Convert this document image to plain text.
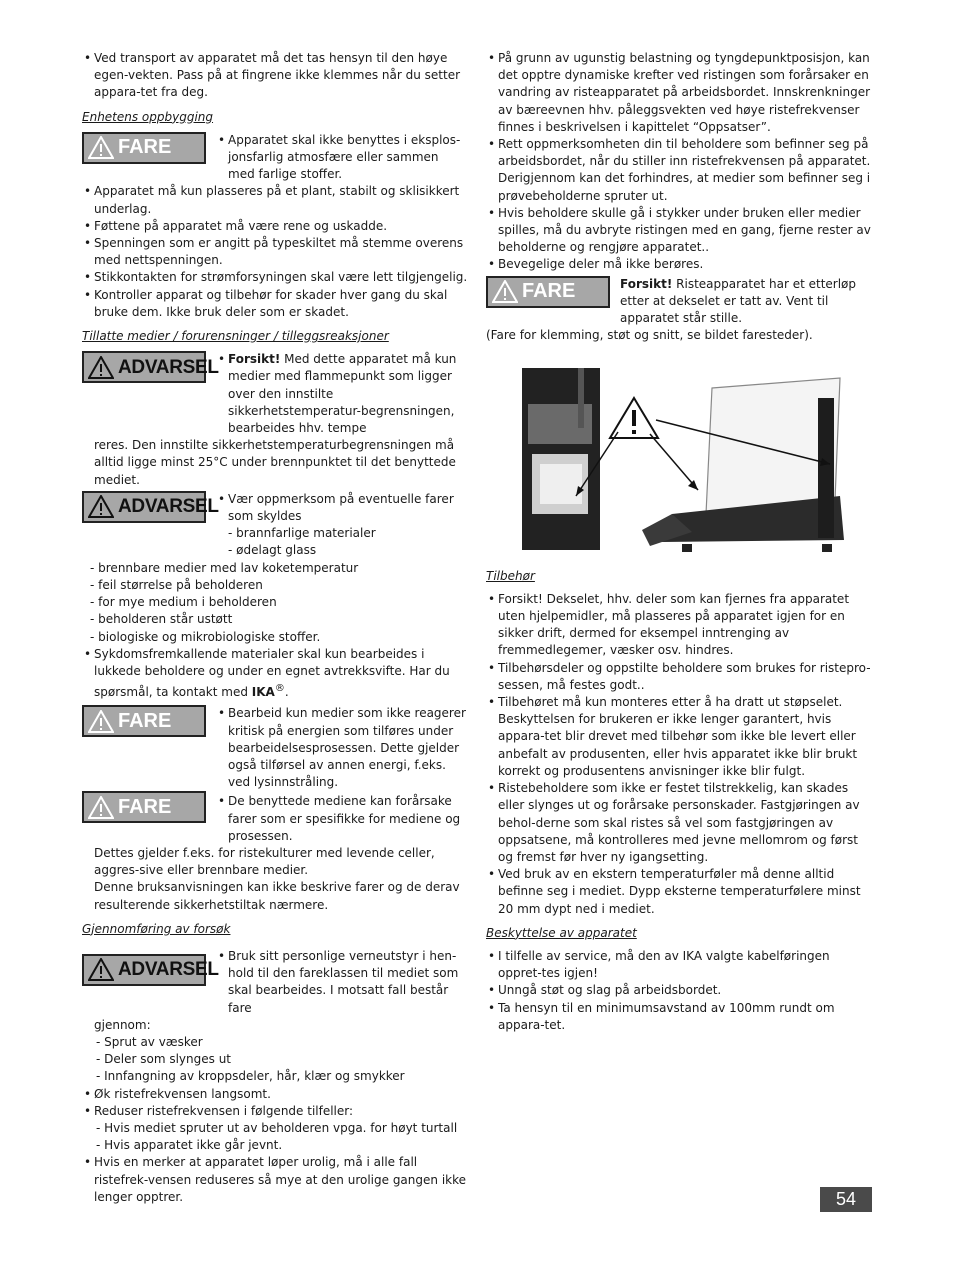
• Ved transport av apparatet må det tas hensyn til den høye egen-vekten. Pass på at fingrene ikke klemmes når du setter appara-tet fra deg.

Enhetens oppbygging

FARE	• Apparatet skal ikke benyttes i eksplos-jonsfarlig atmosfære eller sammen med farlige stoffer.

• Apparatet må kun plasseres på et plant, stabilt og sklisikkert underlag.

• Føttene på apparatet må være rene og uskadde.

• Spenningen som er angitt på typeskiltet må stemme overens med nettspenningen.

• Stikkontakten for strømforsyningen skal være lett tilgjengelig.

• Kontroller apparat og tilbehør for skader hver gang du skal bruke dem. Ikke bruk deler som er skadet.

Tillatte medier / forurensninger / tilleggsreaksjoner

ADVARSEL • Forsikt! Med dette apparatet må kun medier med flammepunkt som ligger over den innstilte sikkerhetstemperatur-begrensningen, bearbeides hhv. tempe

reres. Den innstilte sikkerhetstemperaturbegrensningen må alltid ligge minst 25°C under brennpunktet til det benyttede mediet.

ADVARSEL • Vær oppmerksom på eventuelle farer som skyldes

- brannfarlige materialer

- ødelagt glass

- brennbare medier med lav koketemperatur

- feil størrelse på beholderen

- for mye medium i beholderen

- beholderen står ustøtt

- biologiske og mikrobiologiske stoffer.

• Sykdomsfremkallende materialer skal kun bearbeides i lukkede beholdere og under en egnet avtrekksvifte. Har du spørsmål, ta kontakt med IKA®.

FARE	• Bearbeid kun medier som ikke reagerer kritisk på energien som tilføres under bearbeidelsesprosessen. Dette gjelder også tilførsel av annen energi, f.eks. ved lysinnstråling.

FARE	• De benyttede mediene kan forårsake farer som er spesifikke for mediene og prosessen.

Dettes gjelder f.eks. for ristekulturer med levende celler, aggres-sive eller brennbare medier.

Denne bruksanvisningen kan ikke beskrive farer og de derav resulterende sikkerhetstiltak nærmere.

Gjennomføring av forsøk

ADVARSEL

• Bruk sitt personlige verneutstyr i hen-hold til den fareklassen til mediet som skal bearbeides. I motsatt fall består fare

gjennom:

- Sprut av væsker

- Deler som slynges ut

- Innfangning av kroppsdeler, hår, klær og smykker

• Øk ristefrekvensen langsomt.

• Reduser ristefrekvensen i følgende tilfeller:

- Hvis mediet spruter ut av beholderen vpga. for høyt turtall

- Hvis apparatet ikke går jevnt.

• Hvis en merker at apparatet løper urolig, må i alle fall ristefrek-vensen reduseres så mye at den urolige gangen ikke lenger opptrer.

• På grunn av ugunstig belastning og tyngdepunktposisjon, kan det opptre dynamiske krefter ved ristingen som forårsaker en vandring av risteapparatet på arbeidsbordet. Innskrenkninger av bæreevnen hhv. påleggsvekten ved høye ristefrekvenser finnes i beskrivelsen i kapittelet “Oppsatser”.

• Rett oppmerksomheten din til beholdere som befinner seg på arbeidsbordet, når du stiller inn ristefrekvensen på apparatet. Derigjennom kan det forhindres, at medier som befinner seg i prøvebeholderne spruter ut.

• Hvis beholdere skulle gå i stykker under bruken eller medier spilles, må du avbryte ristingen med en gang, fjerne rester av beholderne og rengjøre apparatet..

• Bevegelige deler må ikke berøres.

FARE	Forsikt! Risteapparatet har et etterløp etter at dekselet er tatt av. Vent til apparatet står stille.

(Fare for klemming, støt og snitt, se bildet faresteder).

Tilbehør

• Forsikt! Dekselet, hhv. deler som kan fjernes fra apparatet uten hjelpemidler, må plasseres på apparatet igjen for en sikker drift, dermed for eksempel inntrenging av fremmedlegemer, væsker osv. hindres.

• Tilbehørsdeler og oppstilte beholdere som brukes for ristepro-sessen, må festes godt..

• Tilbehøret må kun monteres etter å ha dratt ut støpselet. Beskyttelsen for brukeren er ikke lenger garantert, hvis appara-tet blir drevet med tilbehør som ikke ble levert eller anbefalt av produsenten, eller hvis apparatet ikke blir brukt korrekt og produsentens anvisninger ikke blir fulgt.

• Ristebeholdere som ikke er festet tilstrekkelig, kan skades eller slynges ut og forårsake personskader. Fastgjøringen av behol-derne som skal ristes så vel som fastgjøringen av oppsatsene, må kontrolleres med jevne mellomrom og først og fremst før hver ny igangsetting.

• Ved bruk av en ekstern temperaturføler må denne alltid befinne seg i mediet. Dypp eksterne temperaturfølere minst 20 mm dypt ned i mediet.

Beskyttelse av apparatet

• I tilfelle av service, må den av IKA valgte kabelføringen oppret-tes igjen!

• Unngå støt og slag på arbeidsbordet.

• Ta hensyn til en minimumsavstand av 100mm rundt om appara-tet.

54
